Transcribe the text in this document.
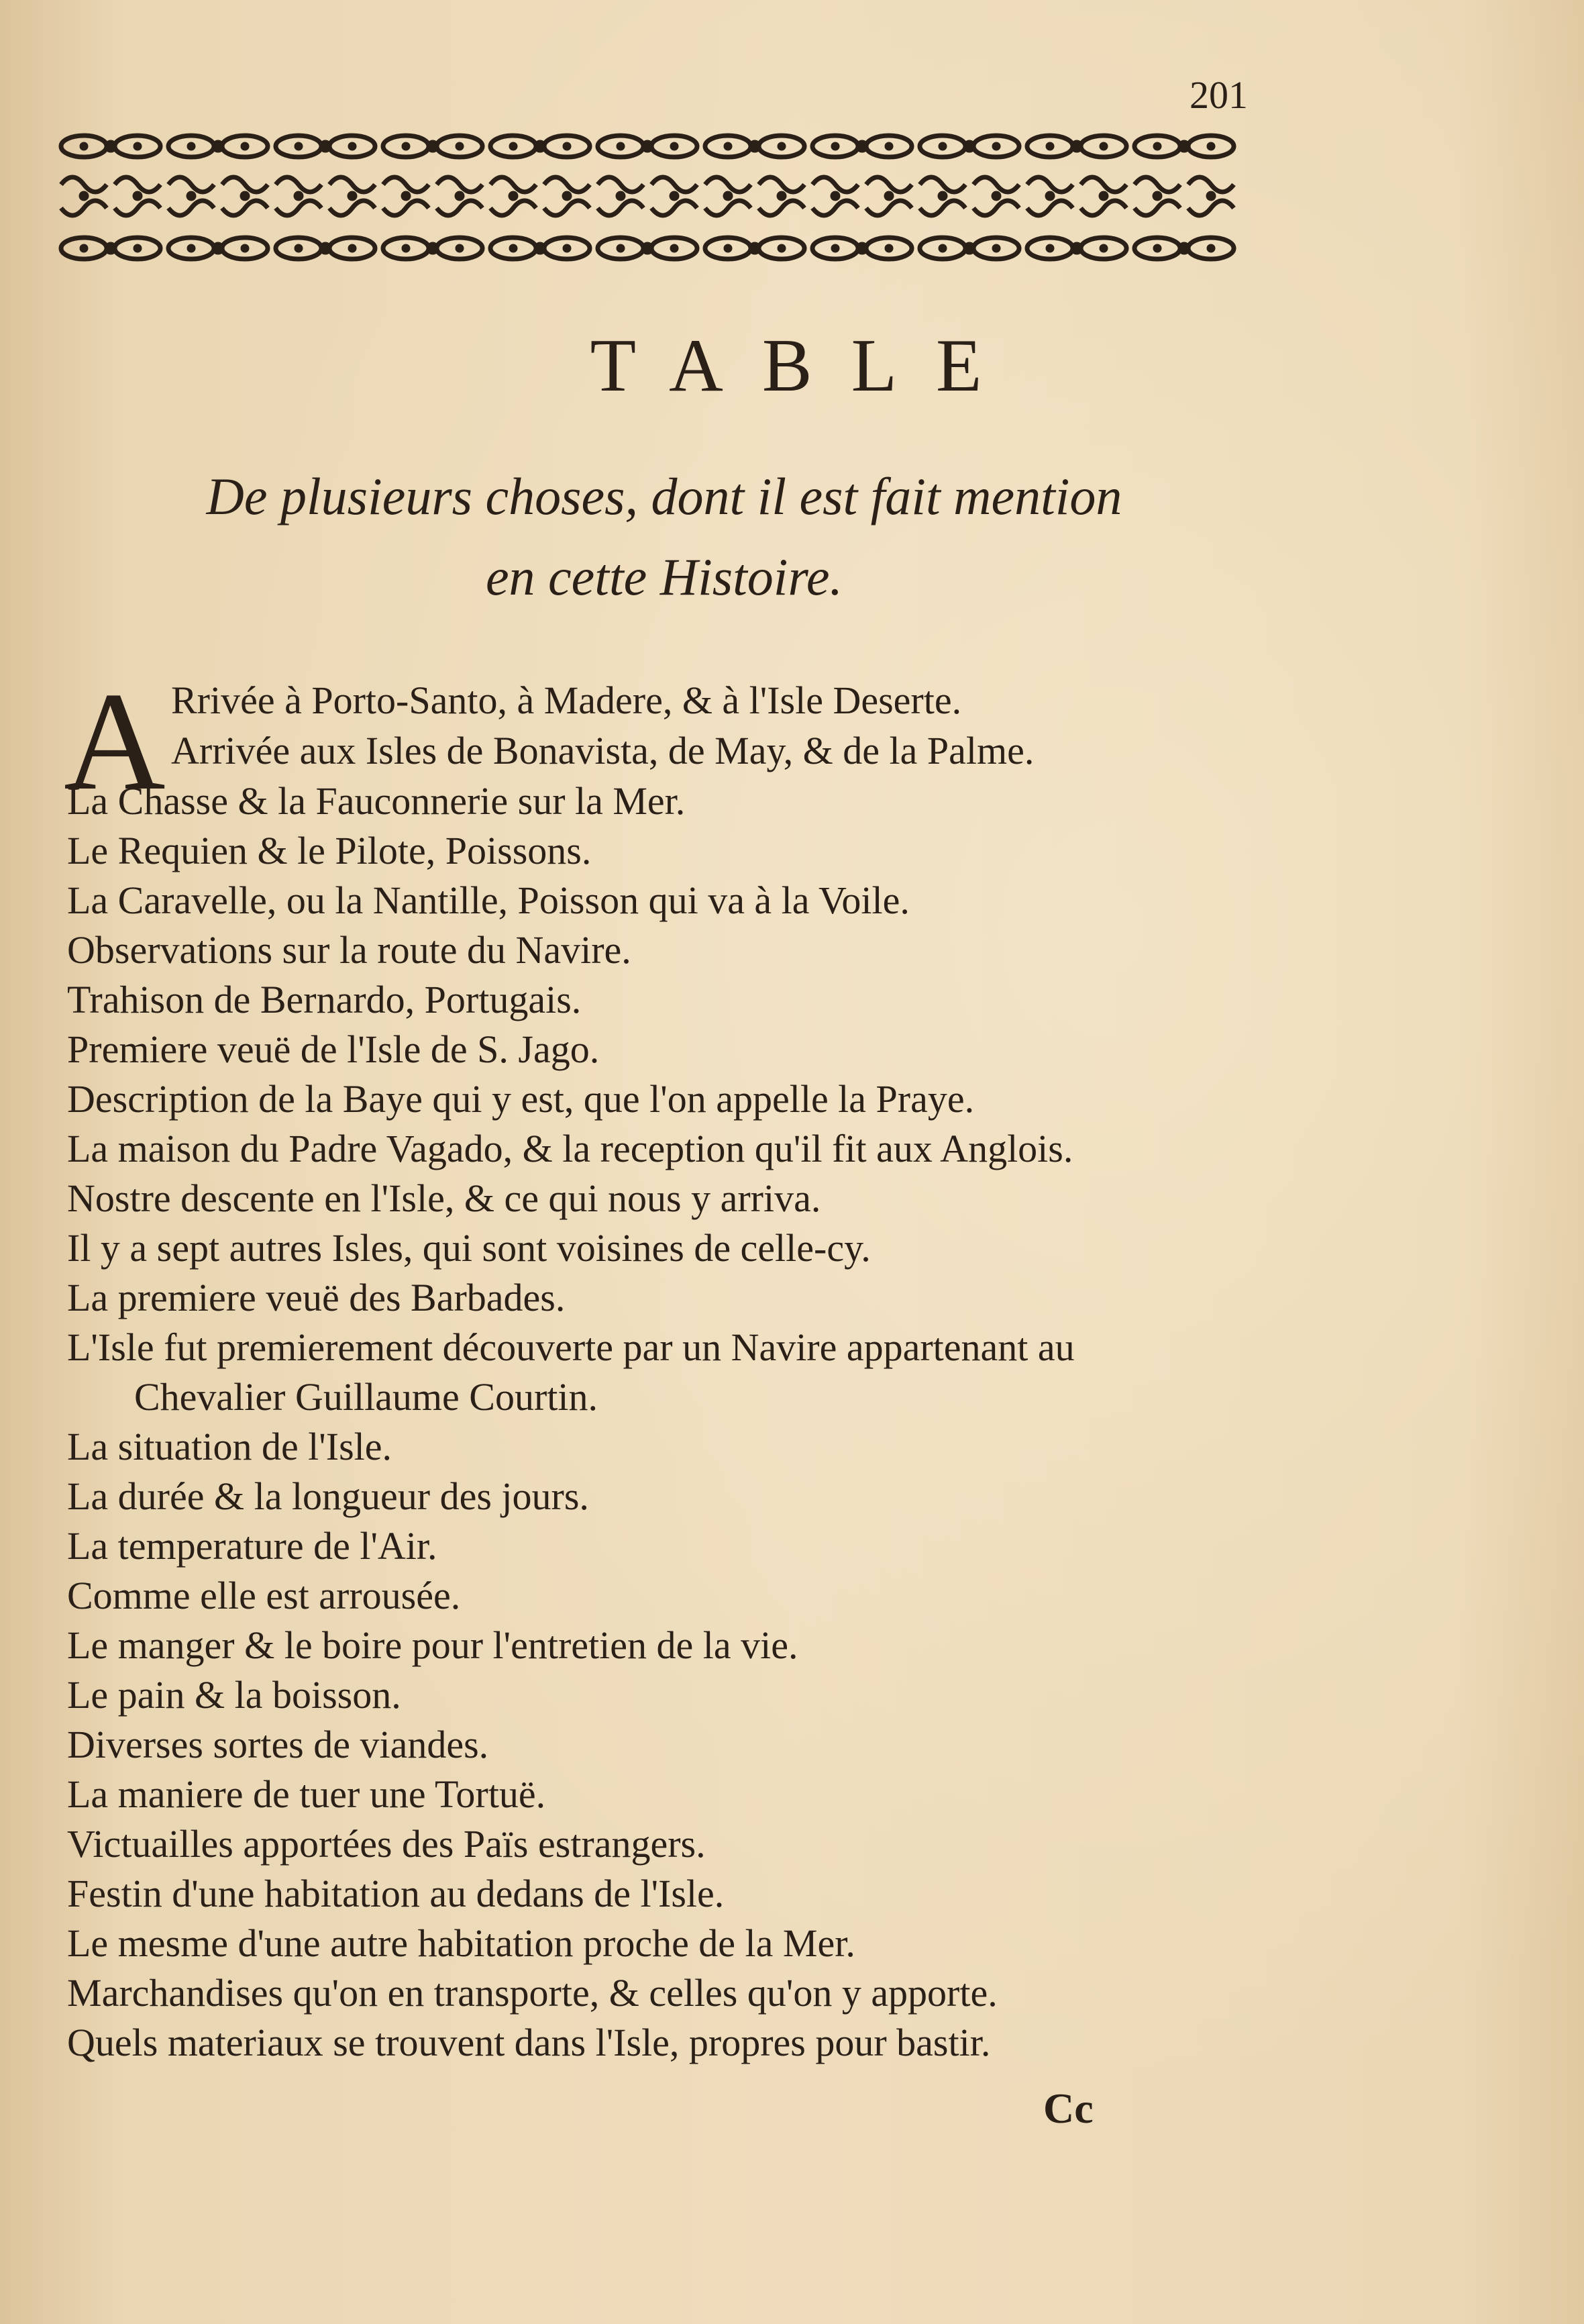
201
TABLE
De plusieurs choses, dont il est fait mention
en cette Histoire.
A Rrivée à Porto-Santo, à Madere, & à l'Isle Deserte.
Arrivée aux Isles de Bonavista, de May, & de la Palme.
La Chasse & la Fauconnerie sur la Mer.
Le Requien & le Pilote, Poissons.
La Caravelle, ou la Nantille, Poisson qui va à la Voile.
Observations sur la route du Navire.
Trahison de Bernardo, Portugais.
Premiere veuë de l'Isle de S. Jago.
Description de la Baye qui y est, que l'on appelle la Praye.
La maison du Padre Vagado, & la reception qu'il fit aux Anglois.
Nostre descente en l'Isle, & ce qui nous y arriva.
Il y a sept autres Isles, qui sont voisines de celle-cy.
La premiere veuë des Barbades.
L'Isle fut premierement découverte par un Navire appartenant au
Chevalier Guillaume Courtin.
La situation de l'Isle.
La durée & la longueur des jours.
La temperature de l'Air.
Comme elle est arrousée.
Le manger & le boire pour l'entretien de la vie.
Le pain & la boisson.
Diverses sortes de viandes.
La maniere de tuer une Tortuë.
Victuailles apportées des Païs estrangers.
Festin d'une habitation au dedans de l'Isle.
Le mesme d'une autre habitation proche de la Mer.
Marchandises qu'on en transporte, & celles qu'on y apporte.
Quels materiaux se trouvent dans l'Isle, propres pour bastir.
Cc
